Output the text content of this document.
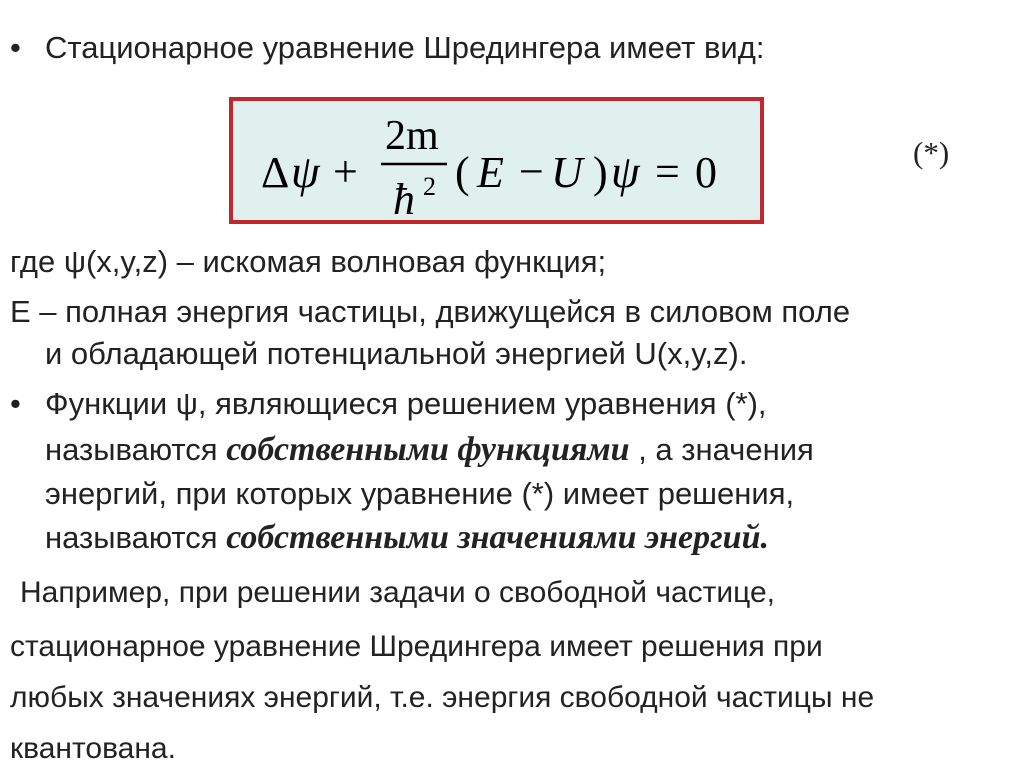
• Стационарное уравнение Шредингера имеет вид:
Δ ψ +
2m
ħ 2 ( E − U ) ψ = 0	(*)
где ψ(x,y,z) – искомая волновая функция;
E – полная энергия частицы, движущейся в силовом поле
и обладающей потенциальной энергией U(x,y,z).
• Функции ψ, являющиеся решением уравнения (*),
называются собственными функциями , а значения
энергий, при которых уравнение (*) имеет решения,
называются собственными значениями энергий.
Например, при решении задачи о свободной частице,
стационарное уравнение Шредингера имеет решения при
любых значениях энергий, т.е. энергия свободной частицы не
квантована.
